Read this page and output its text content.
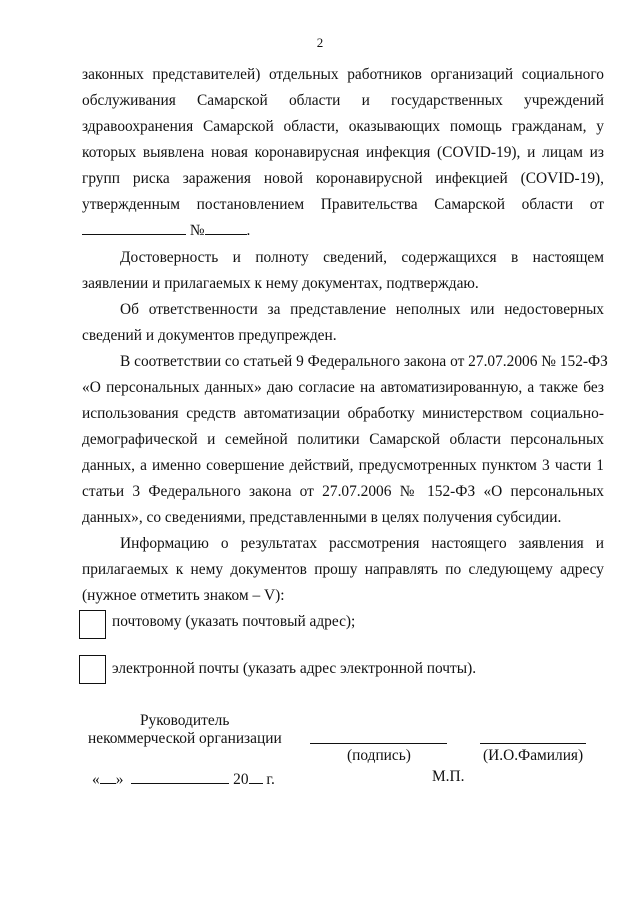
2
законных представителей) отдельных работников организаций социального
обслуживания Самарской области и государственных учреждений
здравоохранения Самарской области, оказывающих помощь гражданам, у
которых выявлена новая коронавирусная инфекция (COVID-19), и лицам из
групп риска заражения новой коронавирусной инфекцией (COVID-19),
утвержденным постановлением Правительства Самарской области от
№	.
Достоверность и полноту сведений, содержащихся в настоящем
заявлении и прилагаемых к нему документах, подтверждаю.
Об ответственности за представление неполных или недостоверных
сведений и документов предупрежден.
В соответствии со статьей 9 Федерального закона от 27.07.2006 № 152-ФЗ
«О персональных данных» даю согласие на автоматизированную, а также без
использования средств автоматизации обработку министерством социально-
демографической и семейной политики Самарской области персональных
данных, а именно совершение действий, предусмотренных пунктом 3 части 1
статьи 3 Федерального закона от 27.07.2006 № 152-ФЗ «О персональных
данных», со сведениями, представленными в целях получения субсидии.
Информацию о результатах рассмотрения настоящего заявления и
прилагаемых к нему документов прошу направлять по следующему адресу
(нужное отметить знаком – V):
почтовому (указать почтовый адрес);
электронной почты (указать адрес электронной почты).
Руководитель
некоммерческой организации
(подпись)	(И.О.Фамилия)
« »	20 г.	М.П.
